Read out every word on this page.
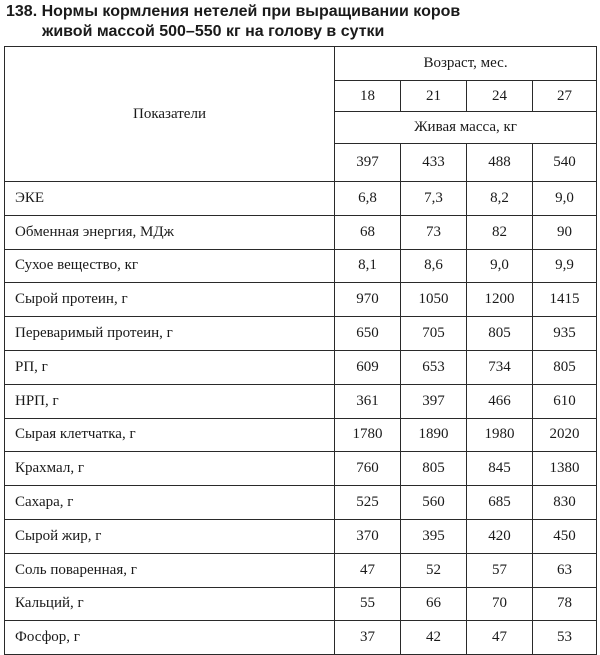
138. Нормы кормления нетелей при выращивании коров
живой массой 500–550 кг на голову в сутки
Показатели	Возраст, мес.			
	18	21	24	27
	Живая масса, кг			
	397	433	488	540
ЭКЕ	6,8	7,3	8,2	9,0
Обменная энергия, МДж	68	73	82	90
Сухое вещество, кг	8,1	8,6	9,0	9,9
Сырой протеин, г	970	1050	1200	1415
Переваримый протеин, г	650	705	805	935
РП, г	609	653	734	805
НРП, г	361	397	466	610
Сырая клетчатка, г	1780	1890	1980	2020
Крахмал, г	760	805	845	1380
Сахара, г	525	560	685	830
Сырой жир, г	370	395	420	450
Соль поваренная, г	47	52	57	63
Кальций, г	55	66	70	78
Фосфор, г	37	42	47	53
